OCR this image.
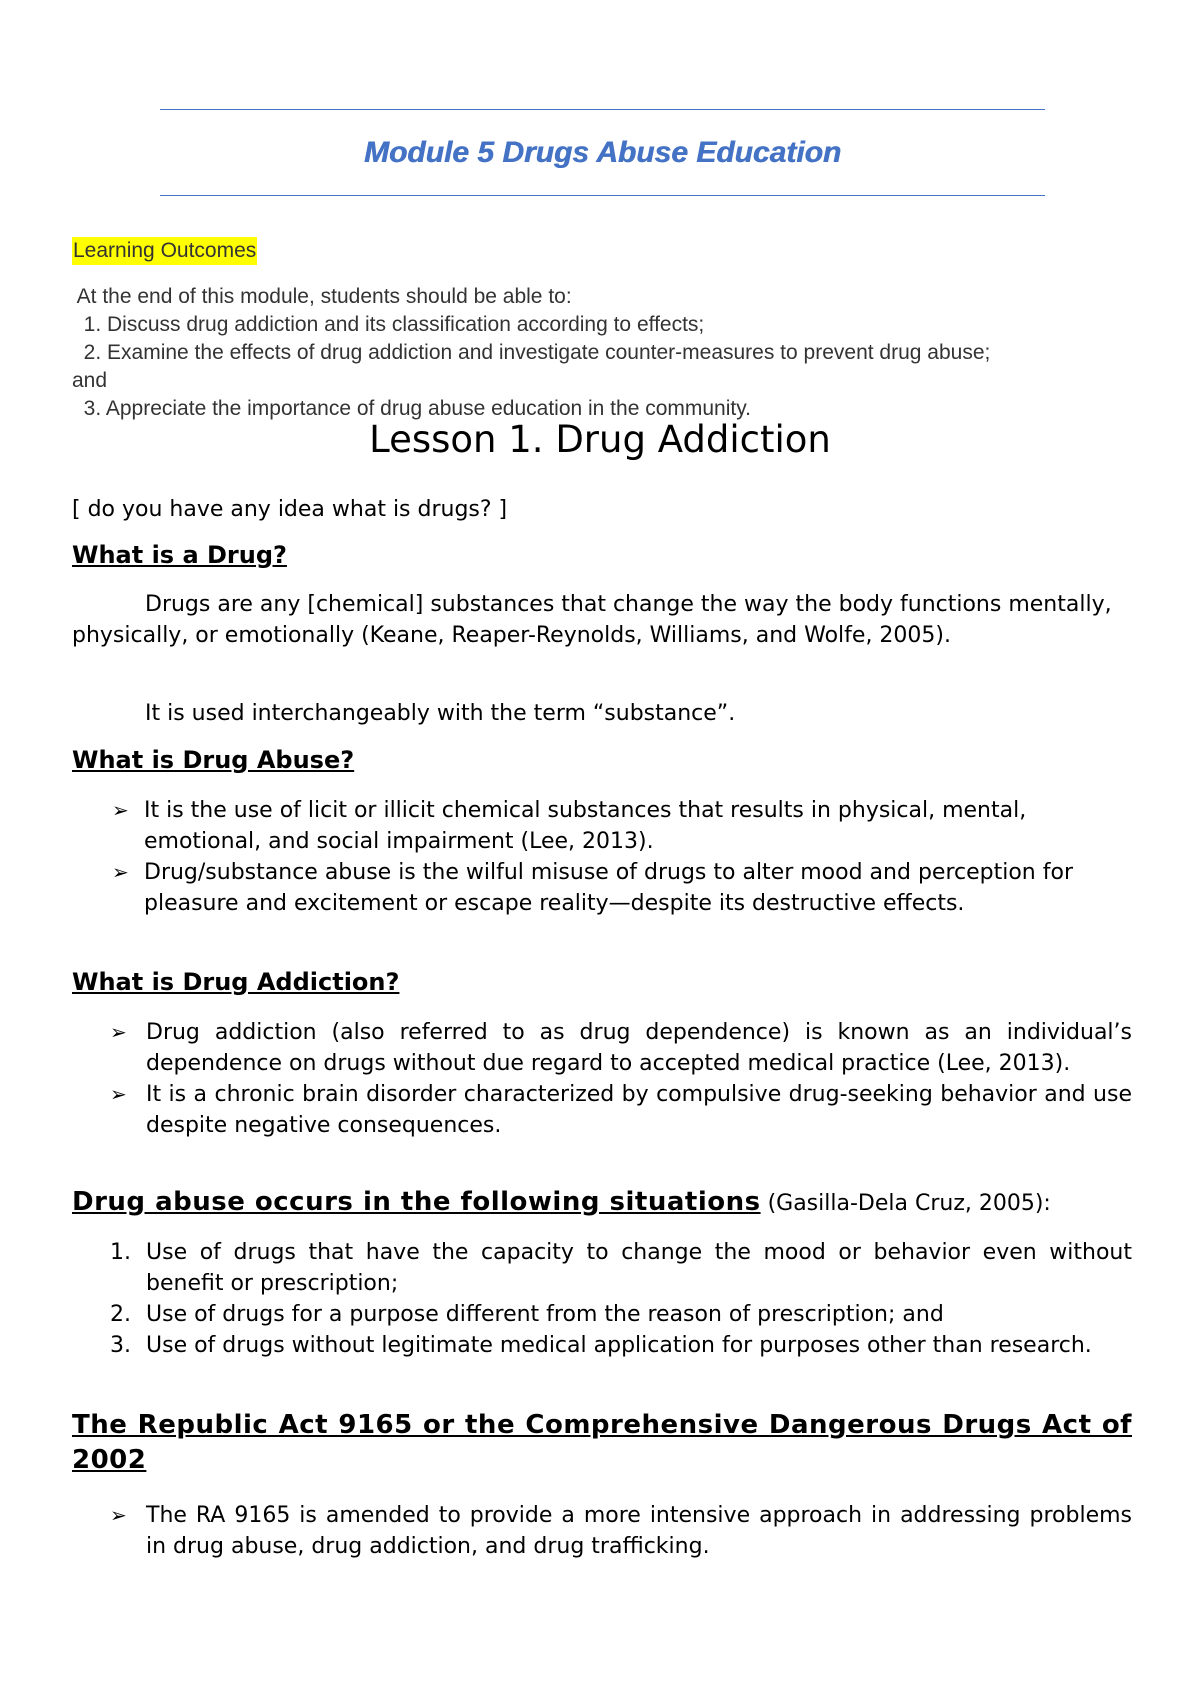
Module 5 Drugs Abuse Education
Learning Outcomes
At the end of this module, students should be able to:
1. Discuss drug addiction and its classification according to effects;
2. Examine the effects of drug addiction and investigate counter-measures to prevent drug abuse;
and
3. Appreciate the importance of drug abuse education in the community.
Lesson 1. Drug Addiction
[ do you have any idea what is drugs? ]
What is a Drug?
Drugs are any [chemical] substances that change the way the body functions mentally, physically, or emotionally (Keane, Reaper-Reynolds, Williams, and Wolfe, 2005).
It is used interchangeably with the term “substance”.
What is Drug Abuse?
➢ It is the use of licit or illicit chemical substances that results in physical, mental, emotional, and social impairment (Lee, 2013).
➢ Drug/substance abuse is the wilful misuse of drugs to alter mood and perception for pleasure and excitement or escape reality—despite its destructive effects.
What is Drug Addiction?
➢ Drug addiction (also referred to as drug dependence) is known as an individual’s dependence on drugs without due regard to accepted medical practice (Lee, 2013).
➢ It is a chronic brain disorder characterized by compulsive drug-seeking behavior and use despite negative consequences.
Drug abuse occurs in the following situations (Gasilla-Dela Cruz, 2005):
1. Use of drugs that have the capacity to change the mood or behavior even without benefit or prescription;
2. Use of drugs for a purpose different from the reason of prescription; and
3. Use of drugs without legitimate medical application for purposes other than research.
The Republic Act 9165 or the Comprehensive Dangerous Drugs Act of 2002
➢ The RA 9165 is amended to provide a more intensive approach in addressing problems in drug abuse, drug addiction, and drug trafficking.
